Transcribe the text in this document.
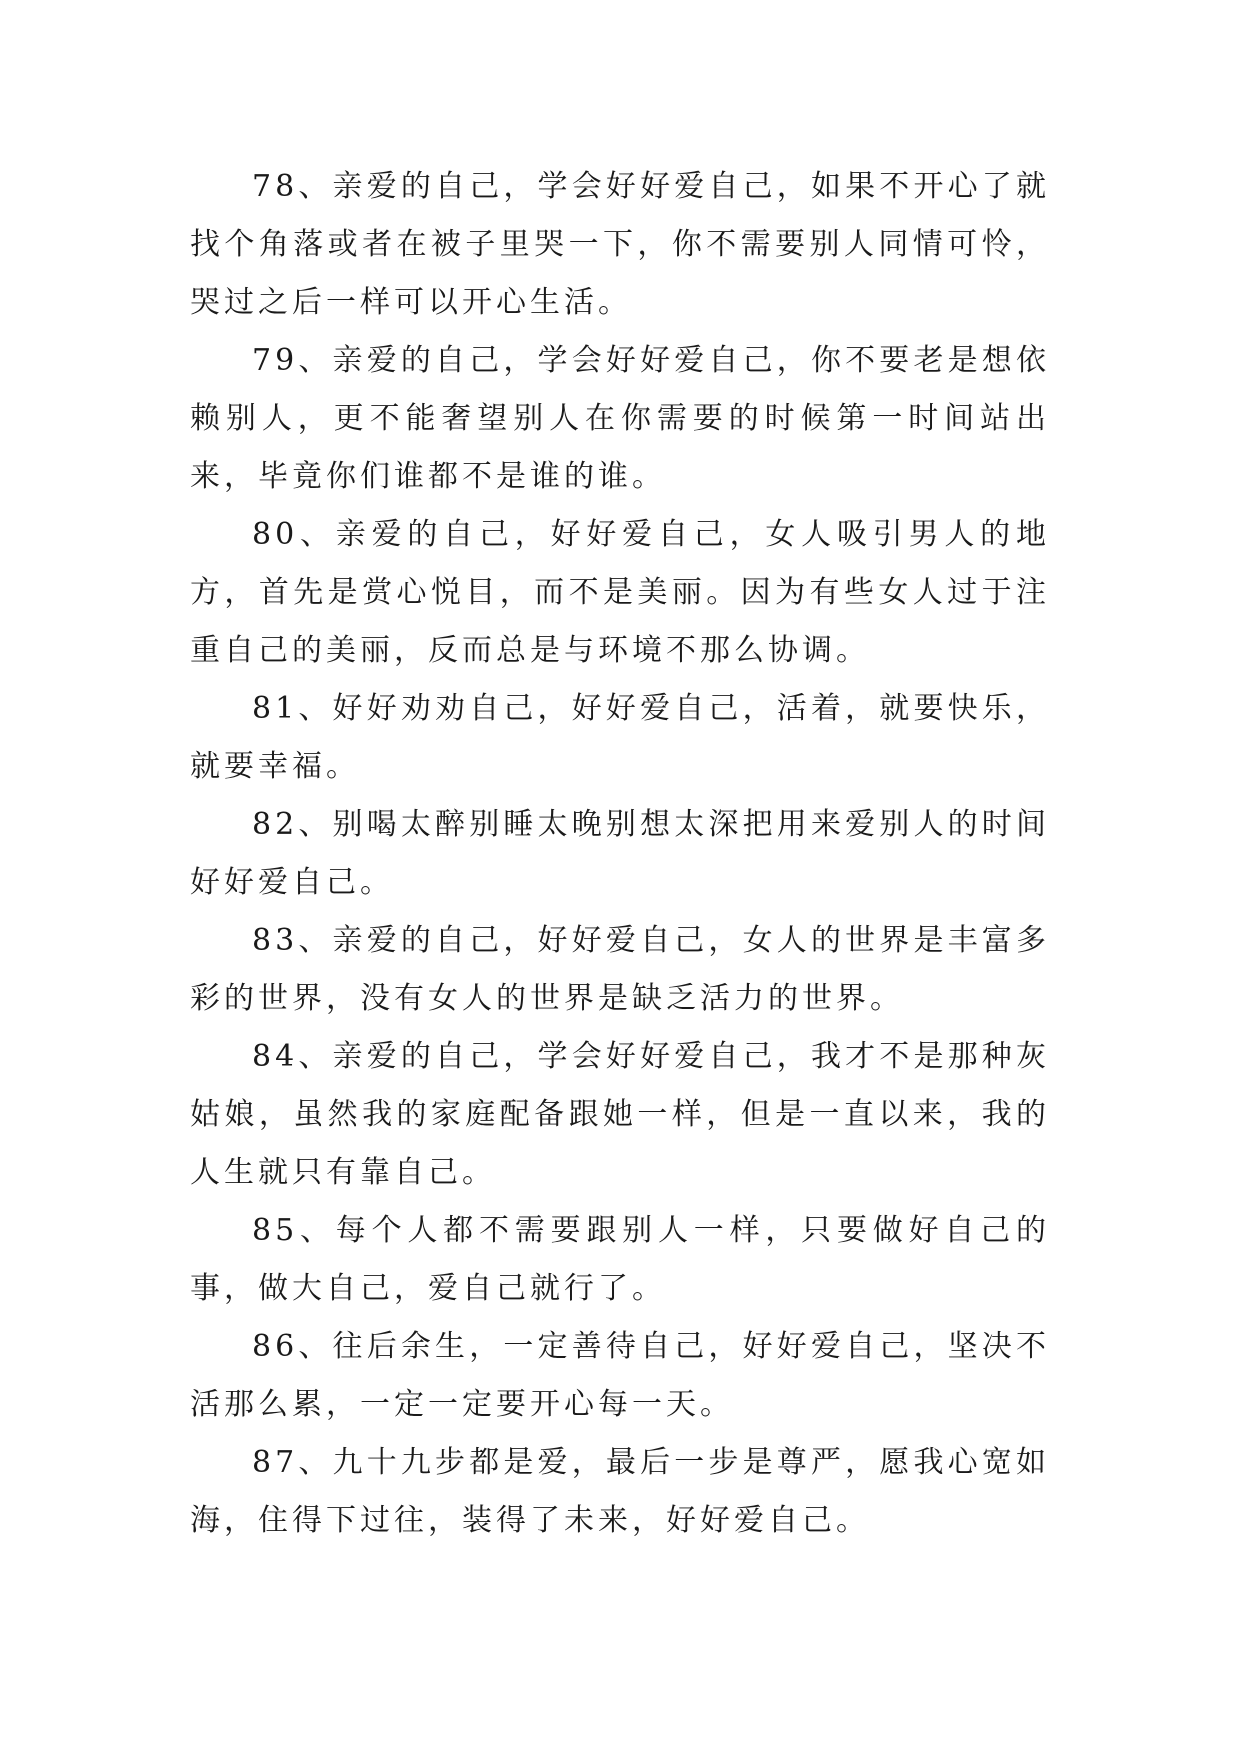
78、亲爱的自己，学会好好爱自己，如果不开心了就找个角落或者在被子里哭一下，你不需要别人同情可怜，哭过之后一样可以开心生活。

79、亲爱的自己，学会好好爱自己，你不要老是想依赖别人，更不能奢望别人在你需要的时候第一时间站出来，毕竟你们谁都不是谁的谁。

80、亲爱的自己，好好爱自己，女人吸引男人的地方，首先是赏心悦目，而不是美丽。因为有些女人过于注重自己的美丽，反而总是与环境不那么协调。

81、好好劝劝自己，好好爱自己，活着，就要快乐，就要幸福。

82、别喝太醉别睡太晚别想太深把用来爱别人的时间好好爱自己。

83、亲爱的自己，好好爱自己，女人的世界是丰富多彩的世界，没有女人的世界是缺乏活力的世界。

84、亲爱的自己，学会好好爱自己，我才不是那种灰姑娘，虽然我的家庭配备跟她一样，但是一直以来，我的人生就只有靠自己。

85、每个人都不需要跟别人一样，只要做好自己的事，做大自己，爱自己就行了。

86、往后余生，一定善待自己，好好爱自己，坚决不活那么累，一定一定要开心每一天。

87、九十九步都是爱，最后一步是尊严，愿我心宽如海，住得下过往，装得了未来，好好爱自己。
